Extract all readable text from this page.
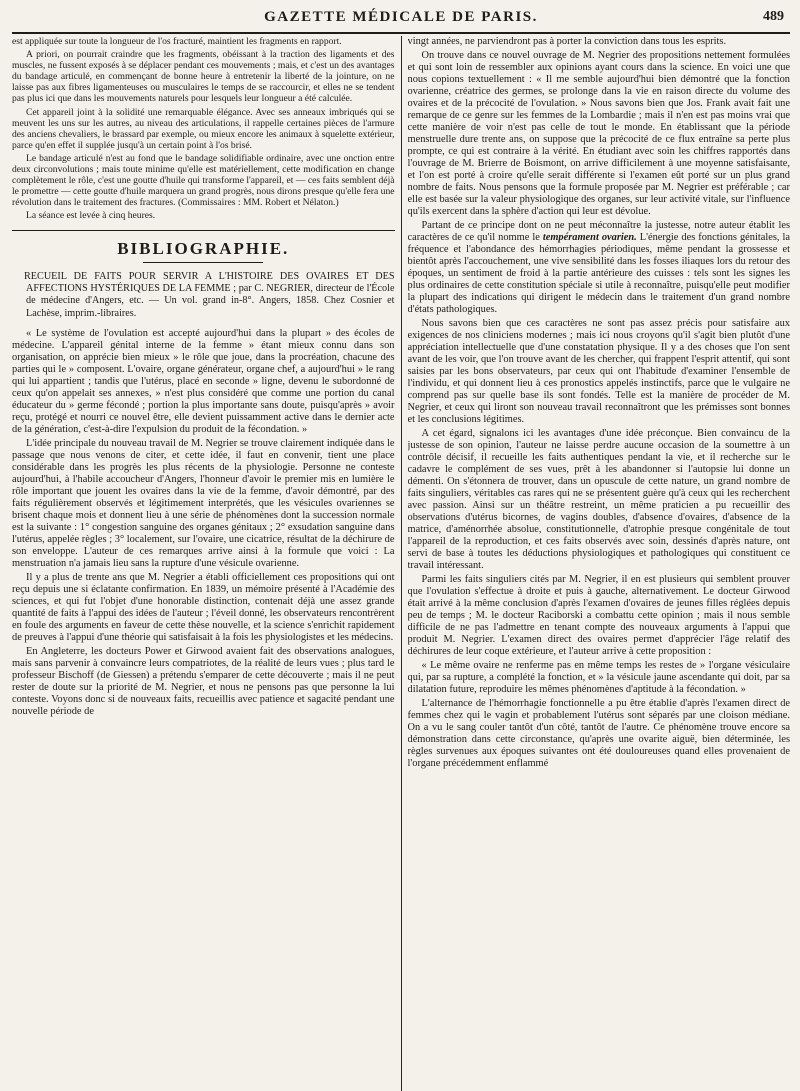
GAZETTE MÉDICALE DE PARIS.	489

est appliquée sur toute la longueur de l'os fracturé, maintient les fragments en rapport.

A priori, on pourrait craindre que les fragments, obéissant à la traction des ligaments et des muscles, ne fussent exposés à se déplacer pendant ces mouvements ; mais, et c'est un des avantages du bandage articulé, en commençant de bonne heure à entretenir la liberté de la jointure, on ne laisse pas aux fibres ligamenteuses ou musculaires le temps de se raccourcir, et elles ne se tendent pas plus ici que dans les mouvements naturels pour lesquels leur longueur a été calculée.

Cet appareil joint à la solidité une remarquable élégance. Avec ses anneaux imbriqués qui se meuvent les uns sur les autres, au niveau des articulations, il rappelle certaines pièces de l'armure des anciens chevaliers, le brassard par exemple, ou mieux encore les animaux à squelette extérieur, parce qu'en effet il supplée jusqu'à un certain point à l'os brisé.

Le bandage articulé n'est au fond que le bandage solidifiable ordinaire, avec une onction entre deux circonvolutions ; mais toute minime qu'elle est matériellement, cette modification en change complètement le rôle, c'est une goutte d'huile qui transforme l'appareil, et — ces faits semblent déjà le promettre — cette goutte d'huile marquera un grand progrès, nous dirons presque qu'elle fera une révolution dans le traitement des fractures. (Commissaires : MM. Robert et Nélaton.)

La séance est levée à cinq heures.

BIBLIOGRAPHIE.

RECUEIL DE FAITS POUR SERVIR A L'HISTOIRE DES OVAIRES ET DES AFFECTIONS HYSTÉRIQUES DE LA FEMME ; par C. NEGRIER, directeur de l'École de médecine d'Angers, etc. — Un vol. grand in-8°. Angers, 1858. Chez Cosnier et Lachèse, imprim.-libraires.

« Le système de l'ovulation est accepté aujourd'hui dans la plupart » des écoles de médecine. L'appareil génital interne de la femme » étant mieux connu dans son organisation, on apprécie bien mieux » le rôle que joue, dans la procréation, chacune des parties qui le » composent. L'ovaire, organe générateur, organe chef, a aujourd'hui » le rang qui lui appartient ; tandis que l'utérus, placé en seconde » ligne, devenu le subordonné de ceux qu'on appelait ses annexes, » n'est plus considéré que comme une portion du canal éducateur du » germe fécondé ; portion la plus importante sans doute, puisqu'après » avoir reçu, protégé et nourri ce nouvel être, elle devient puissamment active dans le dernier acte de la génération, c'est-à-dire l'expulsion du produit de la fécondation. »

L'idée principale du nouveau travail de M. Negrier se trouve clairement indiquée dans le passage que nous venons de citer, et cette idée, il faut en convenir, tient une place considérable dans les progrès les plus récents de la physiologie. Personne ne conteste aujourd'hui, à l'habile accoucheur d'Angers, l'honneur d'avoir le premier mis en lumière le rôle important que jouent les ovaires dans la vie de la femme, d'avoir démontré, par des faits régulièrement observés et légitimement interprétés, que les vésicules ovariennes se brisent chaque mois et donnent lieu à une série de phénomènes dont la succession normale est la suivante : 1° congestion sanguine des organes génitaux ; 2° exsudation sanguine dans l'utérus, appelée règles ; 3° localement, sur l'ovaire, une cicatrice, résultat de la déchirure de son enveloppe. L'auteur de ces remarques arrive ainsi à la formule que voici : La menstruation n'a jamais lieu sans la rupture d'une vésicule ovarienne.

Il y a plus de trente ans que M. Negrier a établi officiellement ces propositions qui ont reçu depuis une si éclatante confirmation. En 1839, un mémoire présenté à l'Académie des sciences, et qui fut l'objet d'une honorable distinction, contenait déjà une assez grande quantité de faits à l'appui des idées de l'auteur ; l'éveil donné, les observateurs rencontrèrent en foule des arguments en faveur de cette thèse nouvelle, et la science s'enrichit rapidement de preuves à l'appui d'une théorie qui satisfaisait à la fois les physiologistes et les médecins.

En Angleterre, les docteurs Power et Girwood avaient fait des observations analogues, mais sans parvenir à convaincre leurs compatriotes, de la réalité de leurs vues ; plus tard le professeur Bischoff (de Giessen) a prétendu s'emparer de cette découverte ; mais il ne peut rester de doute sur la priorité de M. Negrier, et nous ne pensons pas que personne la lui conteste. Voyons donc si de nouveaux faits, recueillis avec patience et sagacité pendant une nouvelle période de

vingt années, ne parviendront pas à porter la conviction dans tous les esprits.

On trouve dans ce nouvel ouvrage de M. Negrier des propositions nettement formulées et qui sont loin de ressembler aux opinions ayant cours dans la science. En voici une que nous copions textuellement : « Il me semble aujourd'hui bien démontré que la fonction ovarienne, créatrice des germes, se prolonge dans la vie en raison directe du volume des ovaires et de la précocité de l'ovulation. » Nous savons bien que Jos. Frank avait fait une remarque de ce genre sur les femmes de la Lombardie ; mais il n'en est pas moins vrai que cette manière de voir n'est pas celle de tout le monde. En établissant que la période menstruelle dure trente ans, on suppose que la précocité de ce flux entraîne sa perte plus prompte, ce qui est contraire à la vérité. En étudiant avec soin les chiffres rapportés dans l'ouvrage de M. Brierre de Boismont, on arrive difficilement à une moyenne satisfaisante, et l'on est porté à croire qu'elle serait différente si l'examen eût porté sur un plus grand nombre de faits. Nous pensons que la formule proposée par M. Negrier est préférable ; car elle est basée sur la valeur physiologique des organes, sur leur activité vitale, sur l'influence qu'ils exercent dans la sphère d'action qui leur est dévolue.

Partant de ce principe dont on ne peut méconnaître la justesse, notre auteur établit les caractères de ce qu'il nomme le tempérament ovarien. L'énergie des fonctions génitales, la fréquence et l'abondance des hémorrhagies périodiques, même pendant la grossesse et bientôt après l'accouchement, une vive sensibilité dans les fosses iliaques lors du retour des époques, un sentiment de froid à la partie antérieure des cuisses : tels sont les signes les plus ordinaires de cette constitution spéciale si utile à reconnaître, puisqu'elle peut modifier la plupart des indications qui dirigent le médecin dans le traitement d'un grand nombre d'états pathologiques.

Nous savons bien que ces caractères ne sont pas assez précis pour satisfaire aux exigences de nos cliniciens modernes ; mais ici nous croyons qu'il s'agit bien plutôt d'une appréciation intellectuelle que d'une constatation physique. Il y a des choses que l'on sent avant de les voir, que l'on trouve avant de les chercher, qui frappent l'esprit attentif, qui sont saisies par les bons observateurs, par ceux qui ont l'habitude d'examiner l'ensemble de l'individu, et qui donnent lieu à ces pronostics appelés instinctifs, parce que le vulgaire ne comprend pas sur quelle base ils sont fondés. Telle est la manière de procéder de M. Negrier, et ceux qui liront son nouveau travail reconnaîtront que les prémisses sont bonnes et les conclusions légitimes.

A cet égard, signalons ici les avantages d'une idée préconçue. Bien convaincu de la justesse de son opinion, l'auteur ne laisse perdre aucune occasion de la soumettre à un contrôle décisif, il recueille les faits authentiques pendant la vie, et il recherche sur le cadavre le complément de ses vues, prêt à les abandonner si l'autopsie lui donne un démenti. On s'étonnera de trouver, dans un opuscule de cette nature, un grand nombre de faits singuliers, véritables cas rares qui ne se présentent guère qu'à ceux qui les recherchent avec passion. Ainsi sur un théâtre restreint, un même praticien a pu recueillir des observations d'utérus bicornes, de vagins doubles, d'absence d'ovaires, d'absence de la matrice, d'aménorrhée absolue, constitutionnelle, d'atrophie presque congénitale de tout l'appareil de la reproduction, et ces faits observés avec soin, dessinés d'après nature, ont servi de base à toutes les déductions physiologiques et pathologiques qui constituent ce travail intéressant.

Parmi les faits singuliers cités par M. Negrier, il en est plusieurs qui semblent prouver que l'ovulation s'effectue à droite et puis à gauche, alternativement. Le docteur Girwood était arrivé à la même conclusion d'après l'examen d'ovaires de jeunes filles réglées depuis peu de temps ; M. le docteur Raciborski a combattu cette opinion ; mais il nous semble difficile de ne pas l'admettre en tenant compte des nouveaux arguments à l'appui que produit M. Negrier. L'examen direct des ovaires permet d'apprécier l'âge relatif des déchirures de leur coque extérieure, et l'auteur arrive à cette proposition :

« Le même ovaire ne renferme pas en même temps les restes de » l'organe vésiculaire qui, par sa rupture, a complété la fonction, et » la vésicule jaune ascendante qui doit, par sa dilatation future, reproduire les mêmes phénomènes d'aptitude à la fécondation. »

L'alternance de l'hémorrhagie fonctionnelle a pu être établie d'après l'examen direct de femmes chez qui le vagin et probablement l'utérus sont séparés par une cloison médiane. On a vu le sang couler tantôt d'un côté, tantôt de l'autre. Ce phénomène trouve encore sa démonstration dans cette circonstance, qu'après une ovarite aiguë, bien déterminée, les règles survenues aux époques suivantes ont été douloureuses quand elles provenaient de l'organe précédemment enflammé
